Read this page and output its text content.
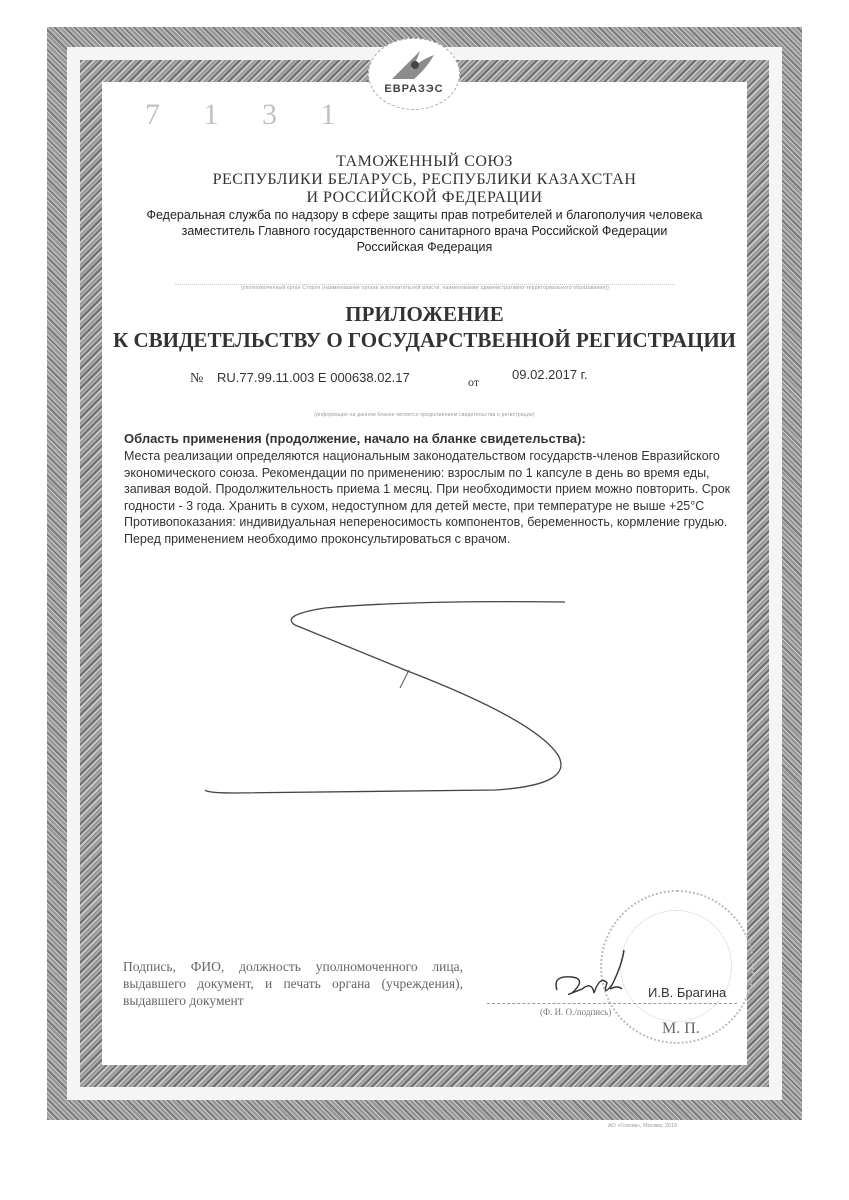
ЕВРАЗЭС
7 1 3 1
ТАМОЖЕННЫЙ СОЮЗ
РЕСПУБЛИКИ БЕЛАРУСЬ, РЕСПУБЛИКИ КАЗАХСТАН
И РОССИЙСКОЙ ФЕДЕРАЦИИ
Федеральная служба по надзору в сфере защиты прав потребителей и благополучия человека
заместитель Главного государственного санитарного врача Российской Федерации
Российская Федерация
(уполномоченный орган Сторон (наименование органа исполнительной власти, наименование административно-территориального образования))
ПРИЛОЖЕНИЕ
К СВИДЕТЕЛЬСТВУ О ГОСУДАРСТВЕННОЙ РЕГИСТРАЦИИ
№ RU.77.99.11.003 Е 000638.02.17	от	09.02.2017 г.
(информация на данном бланке является продолжением свидетельства о регистрации)
Область применения (продолжение, начало на бланке свидетельства):
Места реализации определяются национальным законодательством государств-членов Евразийского экономического союза. Рекомендации по применению: взрослым по 1 капсуле в день во время еды, запивая водой. Продолжительность приема 1 месяц. При необходимости прием можно повторить. Срок годности - 3 года. Хранить в сухом, недоступном для детей месте, при температуре не выше +25°С Противопоказания: индивидуальная непереносимость компонентов, беременность, кормление грудью. Перед применением необходимо проконсультироваться с врачом.
Подпись, ФИО, должность уполномоченного лица, выдавшего документ, и печать органа (учреждения), выдавшего документ
И.В. Брагина
(Ф. И. О./подпись)
М. П.
АО «Гознак», Москва, 2016
